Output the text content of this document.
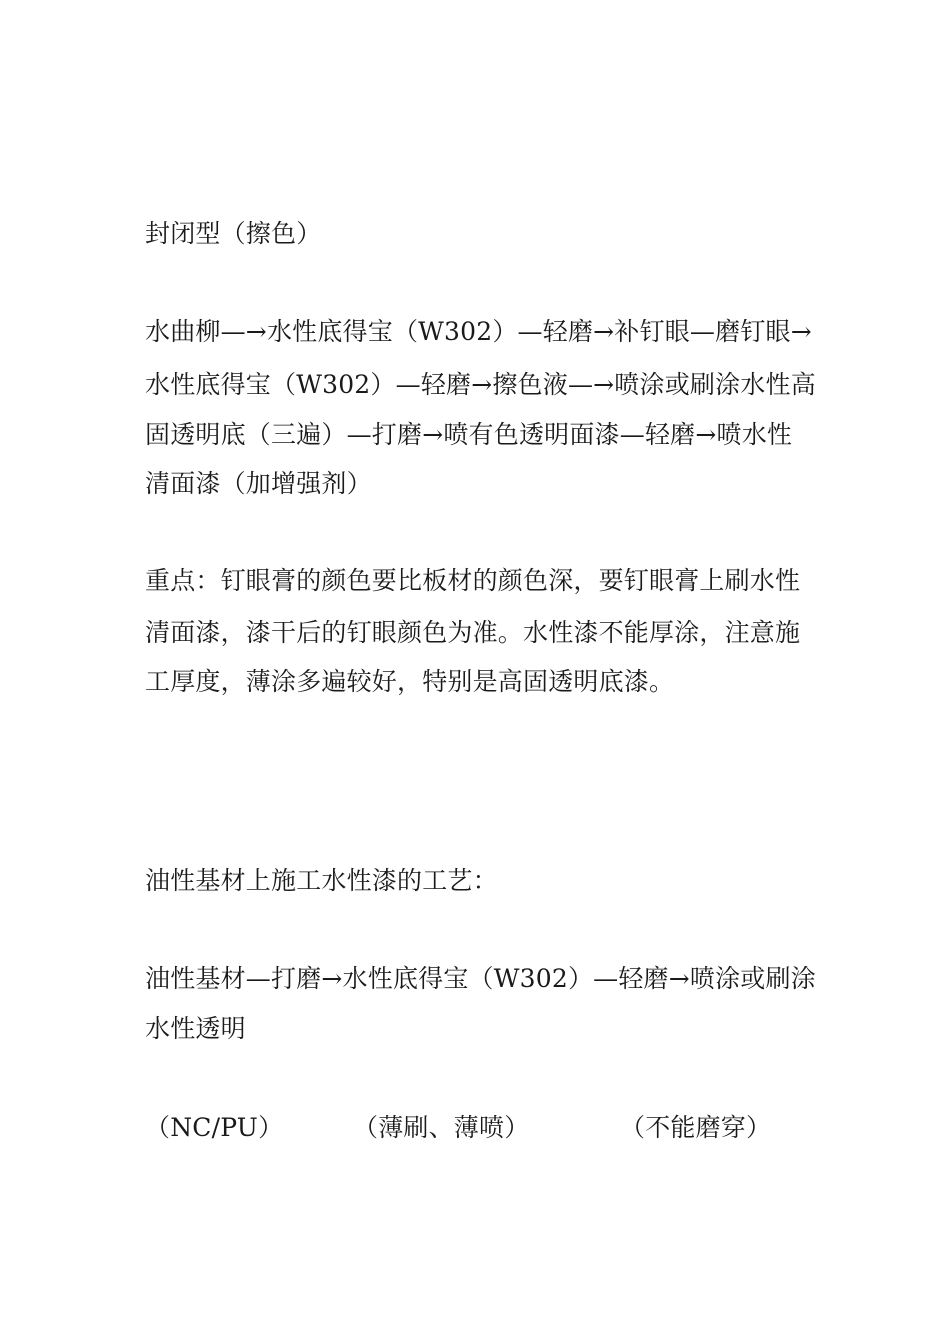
封闭型（擦色）
水曲柳—→水性底得宝（W302）—轻磨→补钉眼—磨钉眼→
水性底得宝（W302）—轻磨→擦色液—→喷涂或刷涂水性高
固透明底（三遍）—打磨→喷有色透明面漆—轻磨→喷水性
清面漆（加增强剂）
重点：钉眼膏的颜色要比板材的颜色深，要钉眼膏上刷水性
清面漆，漆干后的钉眼颜色为准。水性漆不能厚涂，注意施
工厚度，薄涂多遍较好，特别是高固透明底漆。
油性基材上施工水性漆的工艺：
油性基材—打磨→水性底得宝（W302）—轻磨→喷涂或刷涂
水性透明
（NC/PU）	（薄刷、薄喷）	（不能磨穿）
